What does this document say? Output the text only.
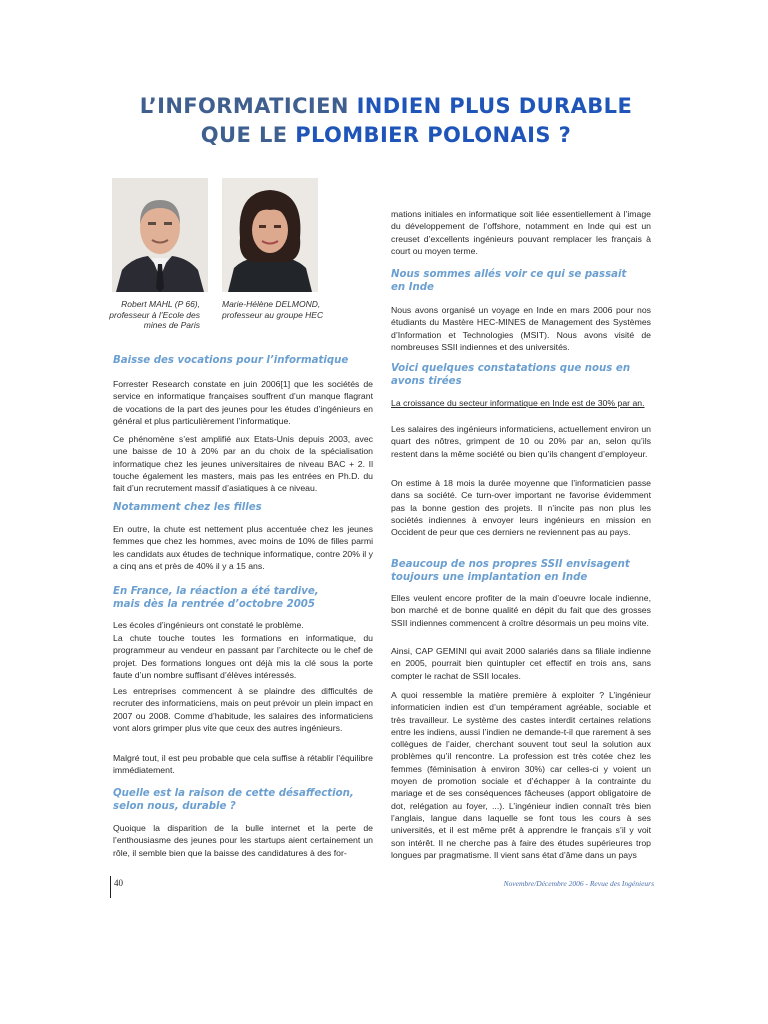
L’INFORMATICIEN INDIEN PLUS DURABLE
QUE LE PLOMBIER POLONAIS ?
Robert MAHL (P 66),
professeur à l’Ecole des
mines de Paris
Marie-Hélène DELMOND,
professeur au groupe HEC
Baisse des vocations pour l’informatique
Forrester Research constate en juin 2006[1] que les sociétés de service en informatique françaises souffrent d’un manque flagrant de vocations de la part des jeunes pour les études d’ingénieurs en général et plus particulièrement l’informatique.
Ce phénomène s’est amplifié aux Etats-Unis depuis 2003, avec une baisse de 10 à 20% par an du choix de la spécialisation informatique chez les jeunes universitaires de niveau BAC + 2. Il touche également les masters, mais pas les entrées en Ph.D. du fait d’un recrutement massif d’asiatiques à ce niveau.
Notamment chez les filles
En outre, la chute est nettement plus accentuée chez les jeunes femmes que chez les hommes, avec moins de 10% de filles parmi les candidats aux études de technique informatique, contre 20% il y a cinq ans et près de 40% il y a 15 ans.
En France, la réaction a été tardive,
mais dès la rentrée d’octobre 2005
Les écoles d’ingénieurs ont constaté le problème.
La chute touche toutes les formations en informatique, du programmeur au vendeur en passant par l’architecte ou le chef de projet. Des formations longues ont déjà mis la clé sous la porte faute d’un nombre suffisant d’élèves intéressés.
Les entreprises commencent à se plaindre des difficultés de recruter des informaticiens, mais on peut prévoir un plein impact en 2007 ou 2008. Comme d’habitude, les salaires des informaticiens vont alors grimper plus vite que ceux des autres ingénieurs.
Malgré tout, il est peu probable que cela suffise à rétablir l’équilibre immédiatement.
Quelle est la raison de cette désaffection,
selon nous, durable ?
Quoique la disparition de la bulle internet et la perte de l’enthousiasme des jeunes pour les startups aient certainement un rôle, il semble bien que la baisse des candidatures à des for-
mations initiales en informatique soit liée essentiellement à l’image du développement de l’offshore, notamment en Inde qui est un creuset d’excellents ingénieurs pouvant remplacer les français à court ou moyen terme.
Nous sommes allés voir ce qui se passait
en Inde
Nous avons organisé un voyage en Inde en mars 2006 pour nos étudiants du Mastère HEC-MINES de Management des Systèmes d’Information et Technologies (MSIT). Nous avons visité de nombreuses SSII indiennes et des universités.
Voici quelques constatations que nous en
avons tirées
La croissance du secteur informatique en Inde est de 30% par an.
Les salaires des ingénieurs informaticiens, actuellement environ un quart des nôtres, grimpent de 10 ou 20% par an, selon qu’ils restent dans la même société ou bien qu’ils changent d’employeur.
On estime à 18 mois la durée moyenne que l’informaticien passe dans sa société. Ce turn-over important ne favorise évidemment pas la bonne gestion des projets. Il n’incite pas non plus les sociétés indiennes à envoyer leurs ingénieurs en mission en Occident de peur que ces derniers ne reviennent pas au pays.
Beaucoup de nos propres SSII envisagent
toujours une implantation en Inde
Elles veulent encore profiter de la main d’oeuvre locale indienne, bon marché et de bonne qualité en dépit du fait que des grosses SSII indiennes commencent à croître désormais un peu moins vite.
Ainsi, CAP GEMINI qui avait 2000 salariés dans sa filiale indienne en 2005, pourrait bien quintupler cet effectif en trois ans, sans compter le rachat de SSII locales.
A quoi ressemble la matière première à exploiter ? L’ingénieur informaticien indien est d’un tempérament agréable, sociable et très travailleur. Le système des castes interdit certaines relations entre les indiens, aussi l’indien ne demande-t-il que rarement à ses collègues de l’aider, cherchant souvent tout seul la solution aux problèmes qu’il rencontre. La profession est très cotée chez les femmes (féminisation à environ 30%) car celles-ci y voient un moyen de promotion sociale et d’échapper à la contrainte du mariage et de ses conséquences fâcheuses (apport obligatoire de dot, relégation au foyer, ...). L’ingénieur indien connaît très bien l’anglais, langue dans laquelle se font tous les cours à ses universités, et il est même prêt à apprendre le français s’il y voit son intérêt. Il ne cherche pas à faire des études supérieures trop longues par pragmatisme. Il vient sans état d’âme dans un pays
40	Novembre/Décembre 2006 - Revue des Ingénieurs
